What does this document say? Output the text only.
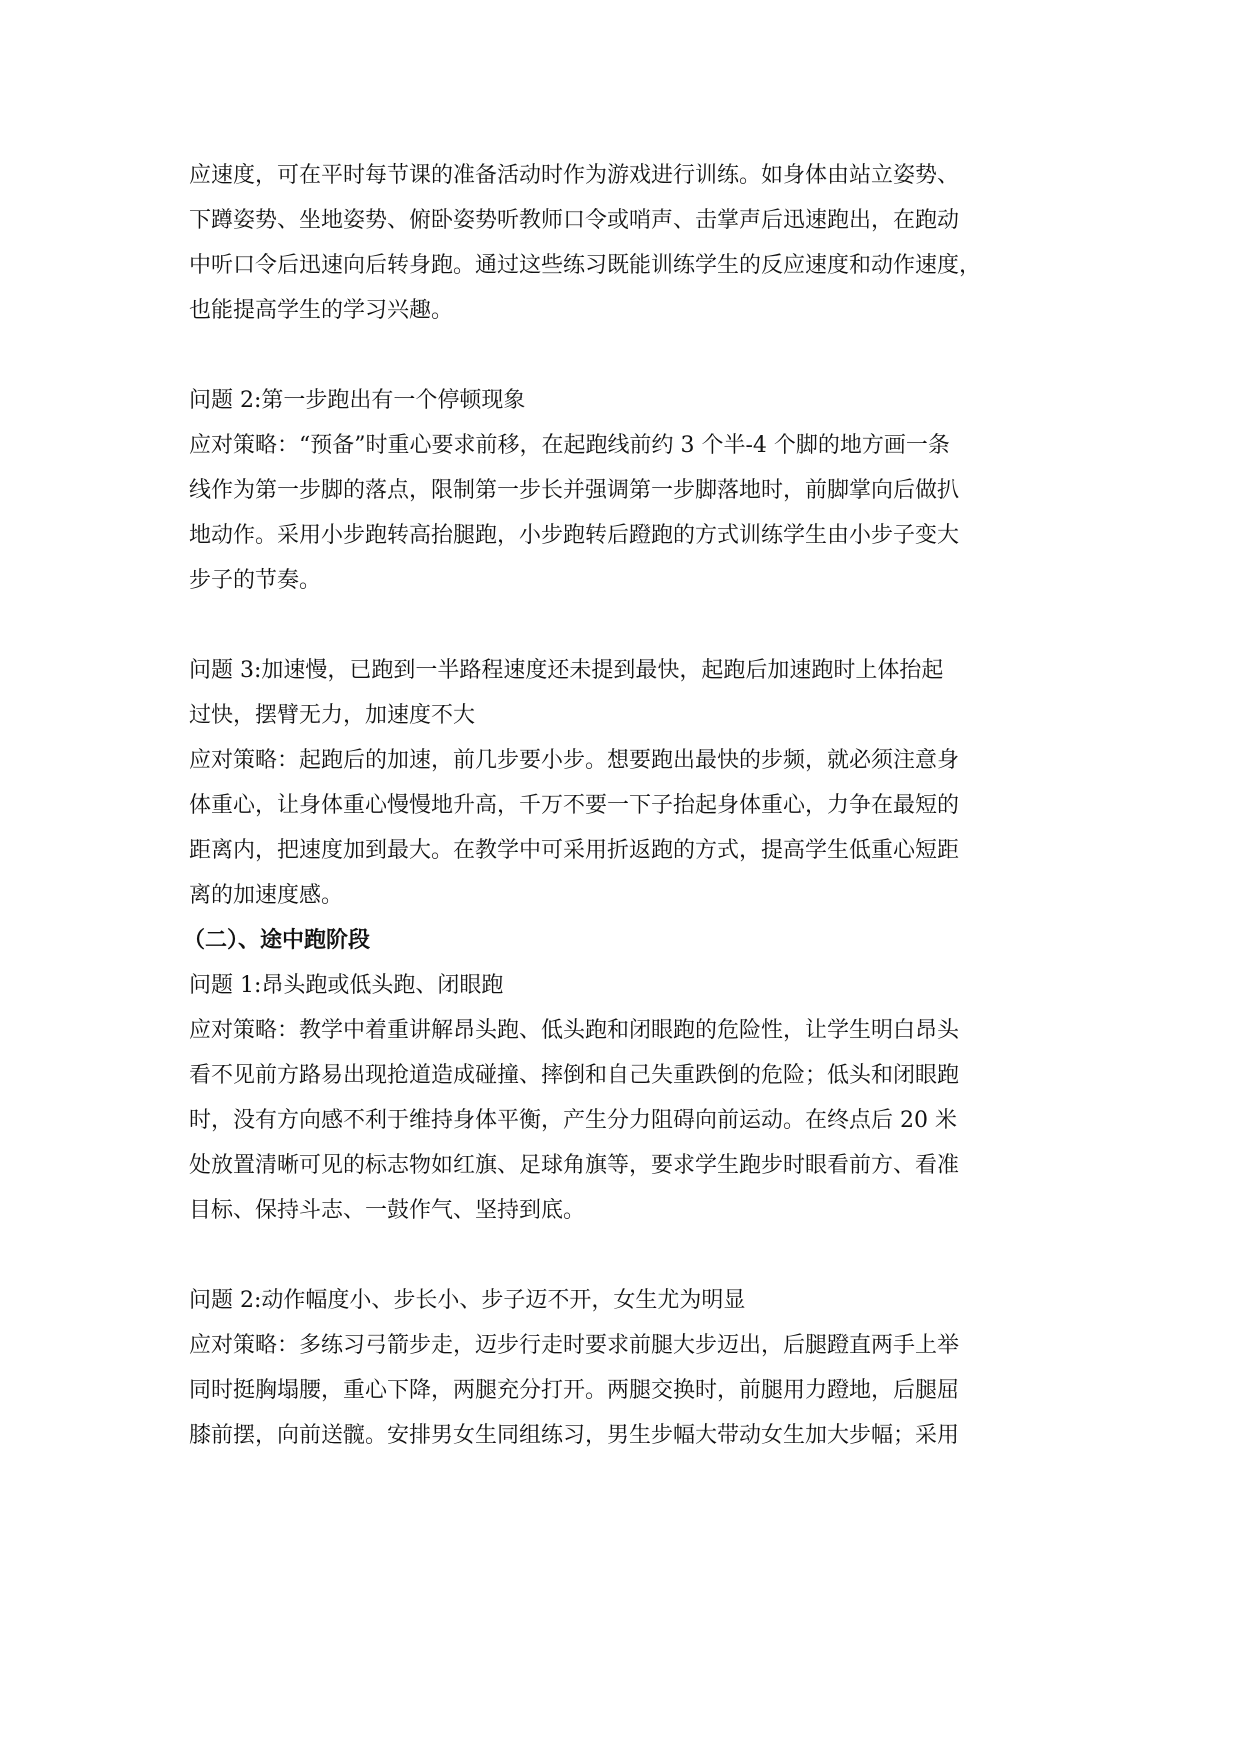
应速度，可在平时每节课的准备活动时作为游戏进行训练。如身体由站立姿势、
下蹲姿势、坐地姿势、俯卧姿势听教师口令或哨声、击掌声后迅速跑出，在跑动
中听口令后迅速向后转身跑。通过这些练习既能训练学生的反应速度和动作速度，
也能提高学生的学习兴趣。
问题 2:第一步跑出有一个停顿现象
应对策略：“预备”时重心要求前移，在起跑线前约 3 个半-4 个脚的地方画一条
线作为第一步脚的落点，限制第一步长并强调第一步脚落地时，前脚掌向后做扒
地动作。采用小步跑转高抬腿跑，小步跑转后蹬跑的方式训练学生由小步子变大
步子的节奏。
问题 3:加速慢，已跑到一半路程速度还未提到最快，起跑后加速跑时上体抬起
过快，摆臂无力，加速度不大
应对策略：起跑后的加速，前几步要小步。想要跑出最快的步频，就必须注意身
体重心，让身体重心慢慢地升高，千万不要一下子抬起身体重心，力争在最短的
距离内，把速度加到最大。在教学中可采用折返跑的方式，提高学生低重心短距
离的加速度感。
（二）、途中跑阶段
问题 1:昂头跑或低头跑、闭眼跑
应对策略：教学中着重讲解昂头跑、低头跑和闭眼跑的危险性，让学生明白昂头
看不见前方路易出现抢道造成碰撞、摔倒和自己失重跌倒的危险；低头和闭眼跑
时，没有方向感不利于维持身体平衡，产生分力阻碍向前运动。在终点后 20 米
处放置清晰可见的标志物如红旗、足球角旗等，要求学生跑步时眼看前方、看准
目标、保持斗志、一鼓作气、坚持到底。
问题 2:动作幅度小、步长小、步子迈不开，女生尤为明显
应对策略：多练习弓箭步走，迈步行走时要求前腿大步迈出，后腿蹬直两手上举
同时挺胸塌腰，重心下降，两腿充分打开。两腿交换时，前腿用力蹬地，后腿屈
膝前摆，向前送髋。安排男女生同组练习，男生步幅大带动女生加大步幅；采用
